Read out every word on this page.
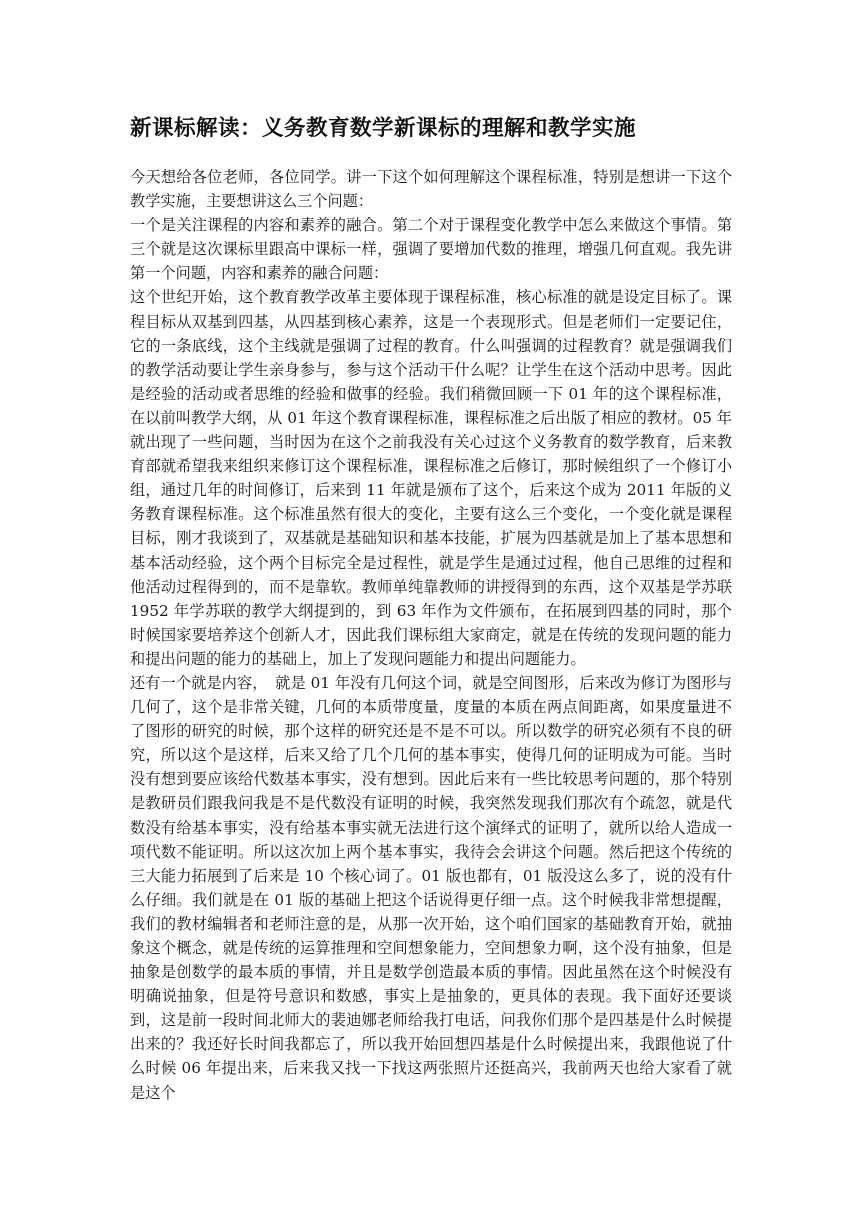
新课标解读：义务教育数学新课标的理解和教学实施

今天想给各位老师，各位同学。讲一下这个如何理解这个课程标准，特别是想讲一下这个教学实施，主要想讲这么三个问题：

一个是关注课程的内容和素养的融合。第二个对于课程变化教学中怎么来做这个事情。第三个就是这次课标里跟高中课标一样，强调了要增加代数的推理，增强几何直观。我先讲第一个问题，内容和素养的融合问题：

这个世纪开始，这个教育教学改革主要体现于课程标准，核心标准的就是设定目标了。课程目标从双基到四基，从四基到核心素养，这是一个表现形式。但是老师们一定要记住，它的一条底线，这个主线就是强调了过程的教育。什么叫强调的过程教育？就是强调我们的教学活动要让学生亲身参与，参与这个活动干什么呢？让学生在这个活动中思考。因此是经验的活动或者思维的经验和做事的经验。我们稍微回顾一下 01 年的这个课程标准，在以前叫教学大纲，从 01 年这个教育课程标准，课程标准之后出版了相应的教材。05 年就出现了一些问题，当时因为在这个之前我没有关心过这个义务教育的数学教育，后来教育部就希望我来组织来修订这个课程标准，课程标准之后修订，那时候组织了一个修订小组，通过几年的时间修订，后来到 11 年就是颁布了这个，后来这个成为 2011 年版的义务教育课程标准。这个标准虽然有很大的变化，主要有这么三个变化，一个变化就是课程目标，刚才我谈到了，双基就是基础知识和基本技能，扩展为四基就是加上了基本思想和基本活动经验，这个两个目标完全是过程性，就是学生是通过过程，他自己思维的过程和他活动过程得到的，而不是靠软。教师单纯靠教师的讲授得到的东西，这个双基是学苏联 1952 年学苏联的教学大纲提到的，到 63 年作为文件颁布，在拓展到四基的同时，那个时候国家要培养这个创新人才，因此我们课标组大家商定，就是在传统的发现问题的能力和提出问题的能力的基础上，加上了发现问题能力和提出问题能力。

还有一个就是内容，　就是 01 年没有几何这个词，就是空间图形，后来改为修订为图形与几何了，这个是非常关键，几何的本质带度量，度量的本质在两点间距离，如果度量进不了图形的研究的时候，那个这样的研究还是不是不可以。所以数学的研究必须有不良的研究，所以这个是这样，后来又给了几个几何的基本事实，使得几何的证明成为可能。当时没有想到要应该给代数基本事实，没有想到。因此后来有一些比较思考问题的，那个特别是教研员们跟我问我是不是代数没有证明的时候，我突然发现我们那次有个疏忽，就是代数没有给基本事实，没有给基本事实就无法进行这个演绎式的证明了，就所以给人造成一项代数不能证明。所以这次加上两个基本事实，我待会会讲这个问题。然后把这个传统的三大能力拓展到了后来是 10 个核心词了。01 版也都有，01 版没这么多了，说的没有什么仔细。我们就是在 01 版的基础上把这个话说得更仔细一点。这个时候我非常想提醒，我们的教材编辑者和老师注意的是，从那一次开始，这个咱们国家的基础教育开始，就抽象这个概念，就是传统的运算推理和空间想象能力，空间想象力啊，这个没有抽象，但是抽象是创数学的最本质的事情，并且是数学创造最本质的事情。因此虽然在这个时候没有明确说抽象，但是符号意识和数感，事实上是抽象的，更具体的表现。我下面好还要谈到，这是前一段时间北师大的裴迪娜老师给我打电话，问我你们那个是四基是什么时候提出来的？我还好长时间我都忘了，所以我开始回想四基是什么时候提出来，我跟他说了什么时候 06 年提出来，后来我又找一下找这两张照片还挺高兴，我前两天也给大家看了就是这个
